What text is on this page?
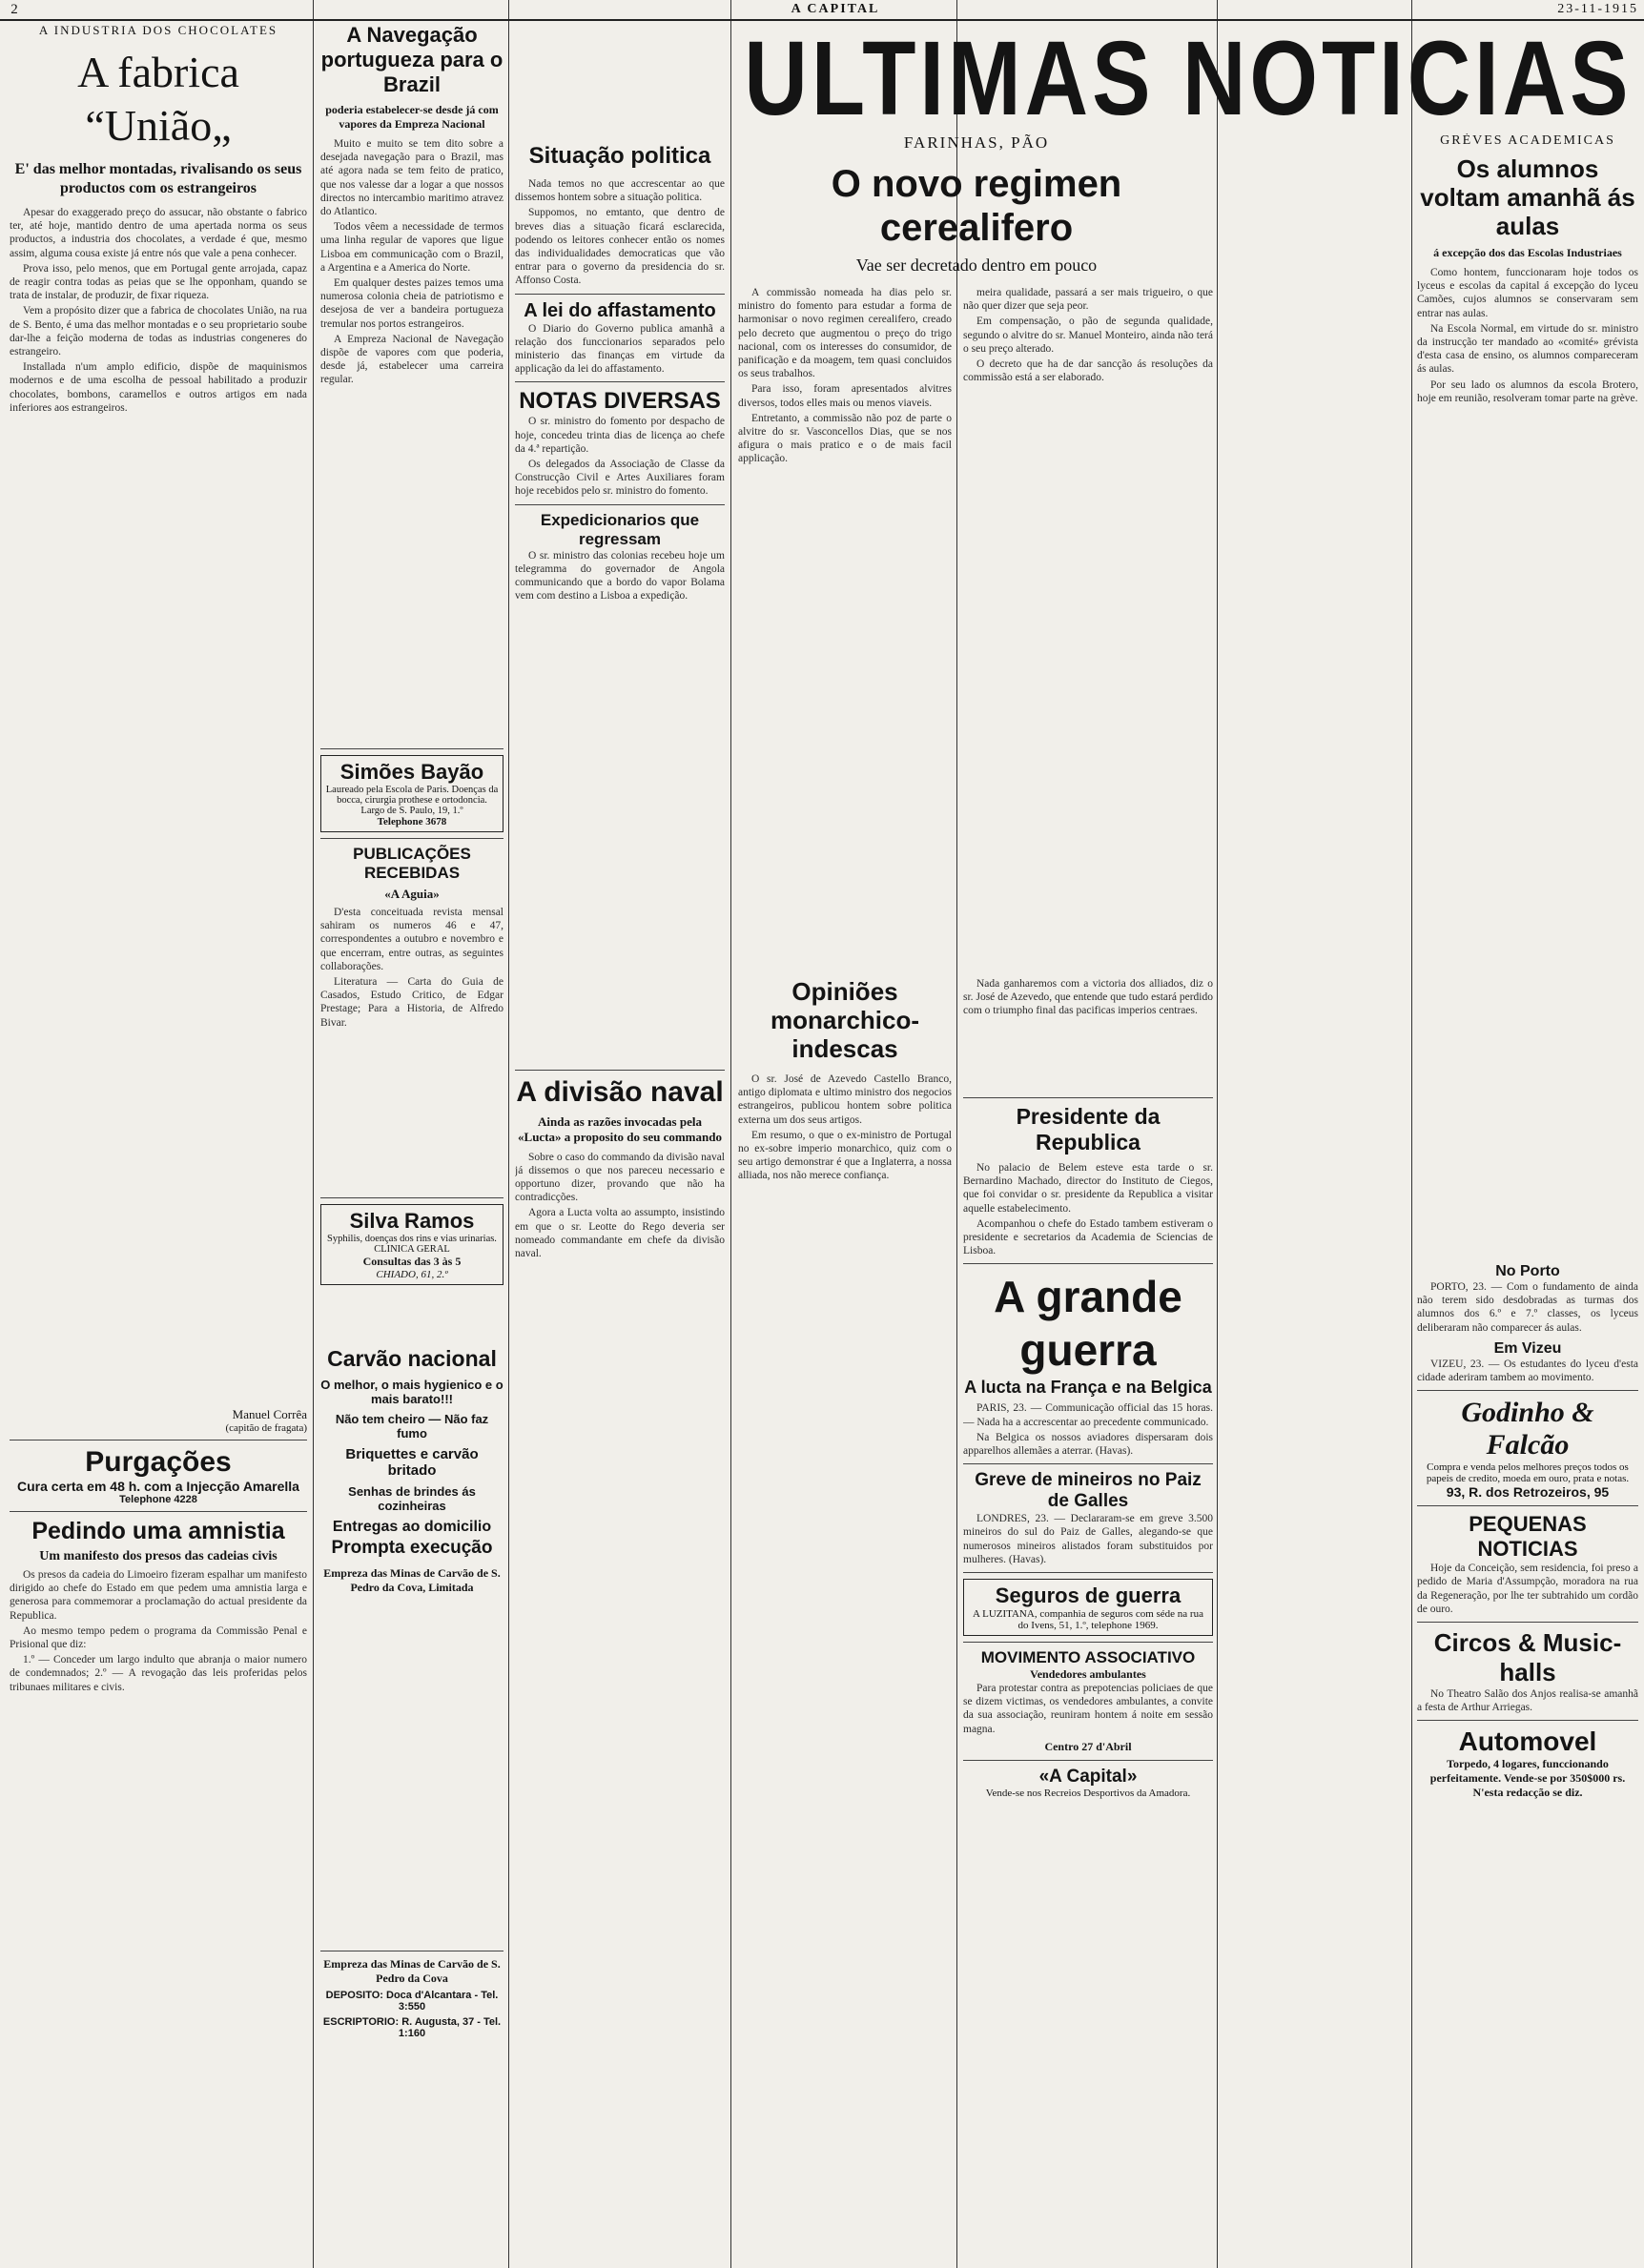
2	A CAPITAL	23-11-1915
ULTIMAS NOTICIAS
A INDUSTRIA DOS CHOCOLATES
A fabrica “União„
E' das melhor montadas, rivalisando os seus productos com os estrangeiros

Apesar do exaggerado preço do assucar, não obstante o fabrico ter, até hoje, mantido dentro de uma apertada norma os seus productos, a industria dos chocolates, a verdade é que, mesmo assim, alguma cousa existe já entre nós que vale a pena conhecer.

Prova isso, pelo menos, que em Portugal gente arrojada, capaz de reagir contra todas as peias que se lhe opponham, quando se trata de instalar, de produzir, de fixar riqueza.

Vem a propósito dizer que a fabrica de chocolates União, na rua de S. Bento, é uma das melhor montadas e o seu proprietario soube dar-lhe a feição moderna de todas as industrias congeneres do estrangeiro.

Installada n'um amplo edificio, dispõe de maquinismos modernos e de uma escolha de pessoal habilitado a produzir chocolates, bombons, caramellos e outros artigos em nada inferiores aos estrangeiros.

Manuel Corrêa
(capitão de fragata)
Purgações
Cura certa em 48 h. com a Injecção Amarella
Telephone 4228
Pedindo uma amnistia
Um manifesto dos presos das cadeias civis

Os presos da cadeia do Limoeiro fizeram espalhar um manifesto dirigido ao chefe do Estado em que pedem uma amnistia larga e generosa para commemorar a proclamação do actual presidente da Republica.

Ao mesmo tempo pedem o programa da Commissão Penal e Prisional que diz:

1.º — Conceder um largo indulto que abranja o maior numero de condemnados; 2.º — A revogação das leis proferidas pelos tribunaes militares e civis.

A Navegação portugueza para o Brazil
poderia estabelecer-se desde já com vapores da Empreza Nacional

Muito e muito se tem dito sobre a desejada navegação para o Brazil, mas até agora nada se tem feito de pratico, que nos valesse dar a logar a que nossos directos no intercambio maritimo atravez do Atlantico.

Todos vêem a necessidade de termos uma linha regular de vapores que ligue Lisboa em communicação com o Brazil, a Argentina e a America do Norte.

Em qualquer destes paizes temos uma numerosa colonia cheia de patriotismo e desejosa de ver a bandeira portugueza tremular nos portos estrangeiros.

A Empreza Nacional de Navegação dispõe de vapores com que poderia, desde já, estabelecer uma carreira regular.

Simões Bayão
Laureado pela Escola de Paris. Doenças da bocca, cirurgia prothese e ortodoncia. Largo de S. Paulo, 19, 1.º
Telephone 3678
PUBLICAÇÕES RECEBIDAS
«A Aguia»

D'esta conceituada revista mensal sahiram os numeros 46 e 47, correspondentes a outubro e novembro e que encerram, entre outras, as seguintes collaborações.

Literatura — Carta do Guia de Casados, Estudo Critico, de Edgar Prestage; Para a Historia, de Alfredo Bivar.

Silva Ramos
Syphilis, doenças dos rins e vias urinarias. CLINICA GERAL
Consultas das 3 às 5
CHIADO, 61, 2.º
Carvão nacional
O melhor, o mais hygienico e o mais barato!!!
Não tem cheiro — Não faz fumo
Briquettes e carvão britado
Senhas de brindes ás cozinheiras
Entregas ao domicilio
Prompta execução
Empreza das Minas de Carvão de S. Pedro da Cova, Limitada
Situação politica

Nada temos no que accrescentar ao que dissemos hontem sobre a situação politica.

Suppomos, no emtanto, que dentro de breves dias a situação ficará esclarecida, podendo os leitores conhecer então os nomes das individualidades democraticas que vão entrar para o governo da presidencia do sr. Affonso Costa.

A lei do affastamento

O Diario do Governo publica amanhã a relação dos funccionarios separados pelo ministerio das finanças em virtude da applicação da lei do affastamento.

NOTAS DIVERSAS

O sr. ministro do fomento por despacho de hoje, concedeu trinta dias de licença ao chefe da 4.ª repartição.

Os delegados da Associação de Classe da Construcção Civil e Artes Auxiliares foram hoje recebidos pelo sr. ministro do fomento.

Expedicionarios que regressam

O sr. ministro das colonias recebeu hoje um telegramma do governador de Angola communicando que a bordo do vapor Bolama vem com destino a Lisboa a expedição.

A divisão naval
Ainda as razões invocadas pela «Lucta» a proposito do seu commando

Sobre o caso do commando da divisão naval já dissemos o que nos pareceu necessario e opportuno dizer, provando que não ha contradicções.

Agora a Lucta volta ao assumpto, insistindo em que o sr. Leotte do Rego deveria ser nomeado commandante em chefe da divisão naval.

FARINHAS, PÃO
O novo regimen cerealifero
Vae ser decretado dentro em pouco

A commissão nomeada ha dias pelo sr. ministro do fomento para estudar a forma de harmonisar o novo regimen cerealifero, creado pelo decreto que augmentou o preço do trigo nacional, com os interesses do consumidor, de panificação e da moagem, tem quasi concluidos os seus trabalhos.

Para isso, foram apresentados alvitres diversos, todos elles mais ou menos viaveis.

Entretanto, a commissão não poz de parte o alvitre do sr. Vasconcellos Dias, que se nos afigura o mais pratico e o de mais facil applicação.

Opiniões monarchico-indescas

O sr. José de Azevedo Castello Branco, antigo diplomata e ultimo ministro dos negocios estrangeiros, publicou hontem sobre politica externa um dos seus artigos.

Em resumo, o que o ex-ministro de Portugal no ex-sobre imperio monarchico, quiz com o seu artigo demonstrar é que a Inglaterra, a nossa alliada, nos não merece confiança.

meira qualidade, passará a ser mais trigueiro, o que não quer dizer que seja peor.

Em compensação, o pão de segunda qualidade, segundo o alvitre do sr. Manuel Monteiro, ainda não terá o seu preço alterado.

O decreto que ha de dar sancção ás resoluções da commissão está a ser elaborado.

Nada ganharemos com a victoria dos alliados, diz o sr. José de Azevedo, que entende que tudo estará perdido com o triumpho final das pacificas imperios centraes.

Presidente da Republica

No palacio de Belem esteve esta tarde o sr. Bernardino Machado, director do Instituto de Ciegos, que foi convidar o sr. presidente da Republica a visitar aquelle estabelecimento.

Acompanhou o chefe do Estado tambem estiveram o presidente e secretarios da Academia de Sciencias de Lisboa.

A grande guerra
A lucta na França e na Belgica

PARIS, 23. — Communicação official das 15 horas. — Nada ha a accrescentar ao precedente communicado.

Na Belgica os nossos aviadores dispersaram dois apparelhos allemães a aterrar. (Havas).

Greve de mineiros no Paiz de Galles

LONDRES, 23. — Declararam-se em greve 3.500 mineiros do sul do Paiz de Galles, alegando-se que numerosos mineiros alistados foram substituidos por mulheres. (Havas).

Seguros de guerra
A LUZITANA, companhia de seguros com séde na rua do Ivens, 51, 1.º, telephone 1969.
MOVIMENTO ASSOCIATIVO
Vendedores ambulantes

Para protestar contra as prepotencias policiaes de que se dizem victimas, os vendedores ambulantes, a convite da sua associação, reuniram hontem á noite em sessão magna.

Centro 27 d'Abril
«A Capital»
Vende-se nos Recreios Desportivos da Amadora.
GRÈVES ACADEMICAS
Os alumnos voltam amanhã ás aulas
á excepção dos das Escolas Industriaes

Como hontem, funccionaram hoje todos os lyceus e escolas da capital á excepção do lyceu Camões, cujos alumnos se conservaram sem entrar nas aulas.

Na Escola Normal, em virtude do sr. ministro da instrucção ter mandado ao «comité» grévista d'esta casa de ensino, os alumnos compareceram ás aulas.

Por seu lado os alumnos da escola Brotero, hoje em reunião, resolveram tomar parte na grève.

No Porto

PORTO, 23. — Com o fundamento de ainda não terem sido desdobradas as turmas dos alumnos dos 6.º e 7.º classes, os lyceus deliberaram não comparecer ás aulas.

Em Vizeu

VIZEU, 23. — Os estudantes do lyceu d'esta cidade aderiram tambem ao movimento.

Godinho & Falcão
Compra e venda pelos melhores preços todos os papeis de credito, moeda em ouro, prata e notas.
93, R. dos Retrozeiros, 95
PEQUENAS NOTICIAS

Hoje da Conceição, sem residencia, foi preso a pedido de Maria d'Assumpção, moradora na rua da Regeneração, por lhe ter subtrahido um cordão de ouro.

Circos & Music-halls

No Theatro Salão dos Anjos realisa-se amanhã a festa de Arthur Arriegas.

Automovel
Torpedo, 4 logares, funccionando perfeitamente. Vende-se por 350$000 rs. N'esta redacção se diz.
Empreza das Minas de Carvão de S. Pedro da Cova
DEPOSITO: Doca d'Alcantara - Tel. 3:550
ESCRIPTORIO: R. Augusta, 37 - Tel. 1:160
